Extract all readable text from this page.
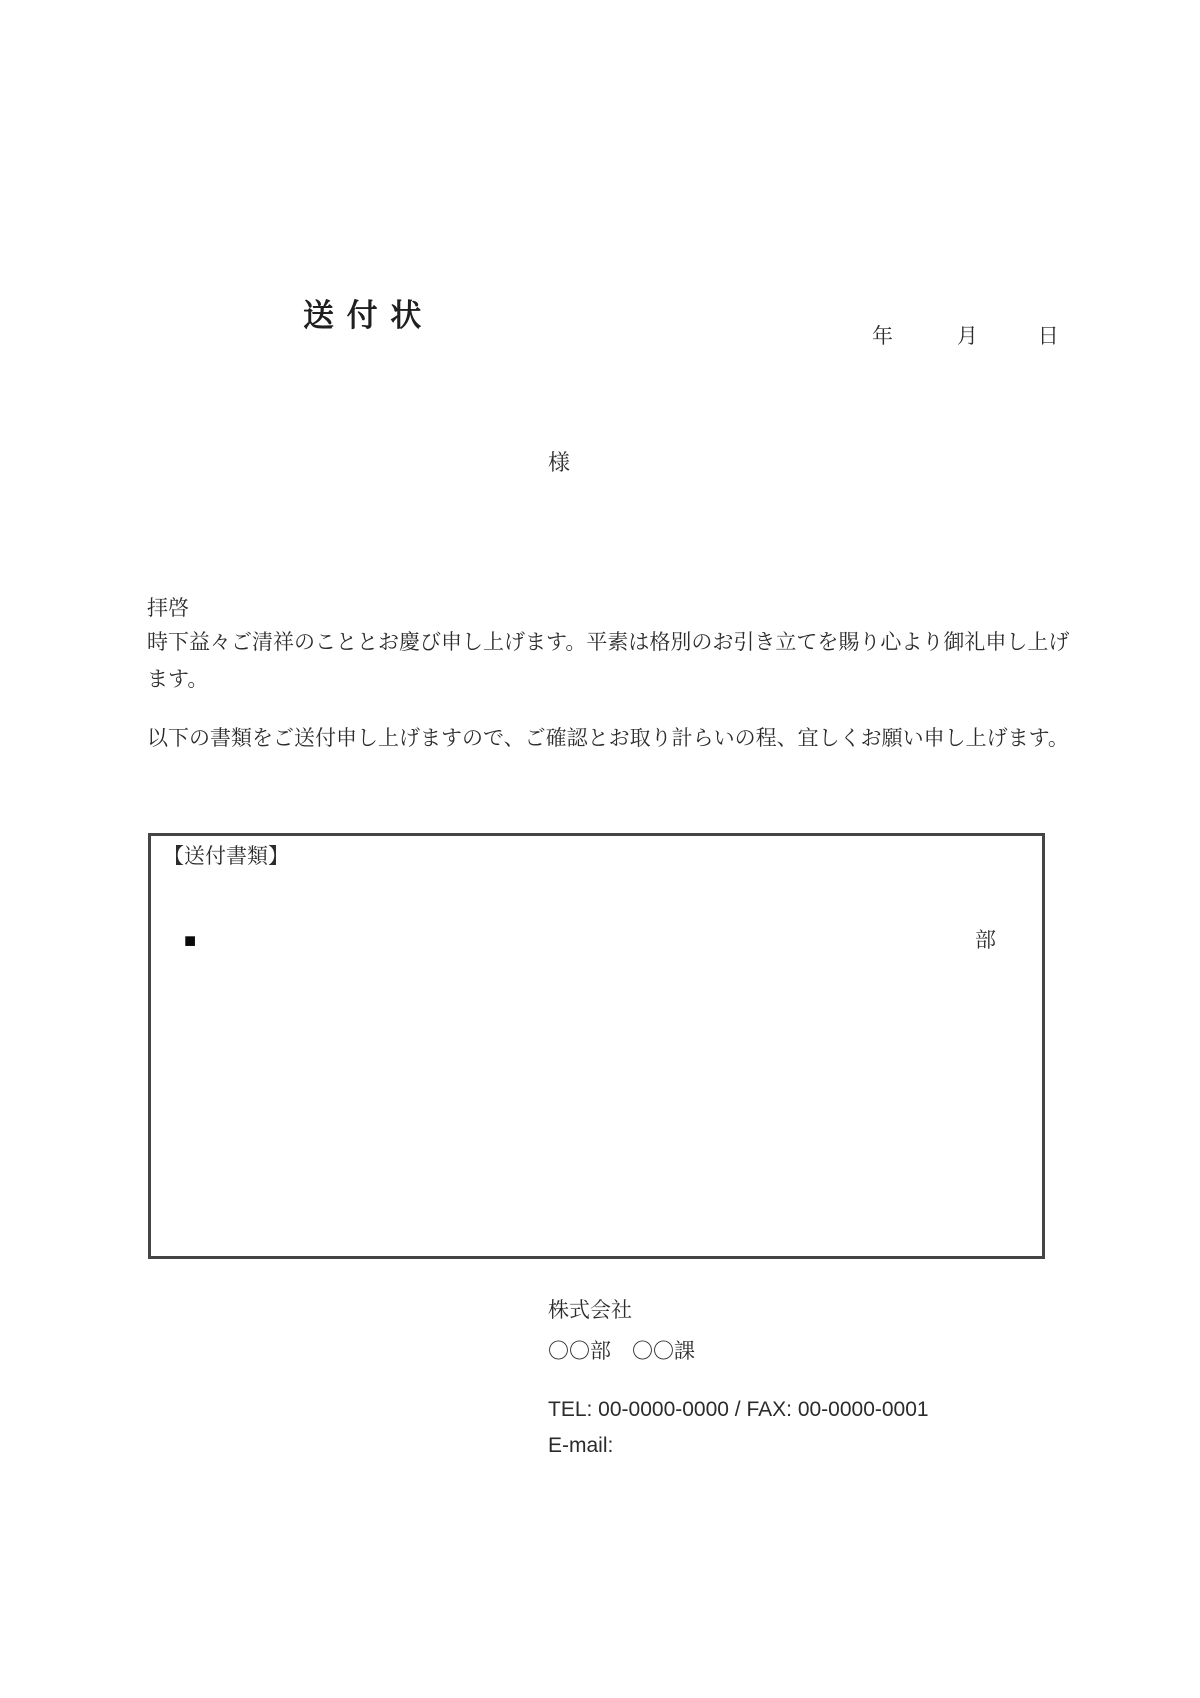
送 付 状
年	月	日
様
拝啓

時下益々ご清祥のこととお慶び申し上げます。平素は格別のお引き立てを賜り心より御礼申し上げます。

以下の書類をご送付申し上げますので、ご確認とお取り計らいの程、宜しくお願い申し上げます。

【送付書類】
■	部
株式会社
〇〇部　〇〇課
TEL: 00-0000-0000 / FAX: 00-0000-0001
E-mail:
